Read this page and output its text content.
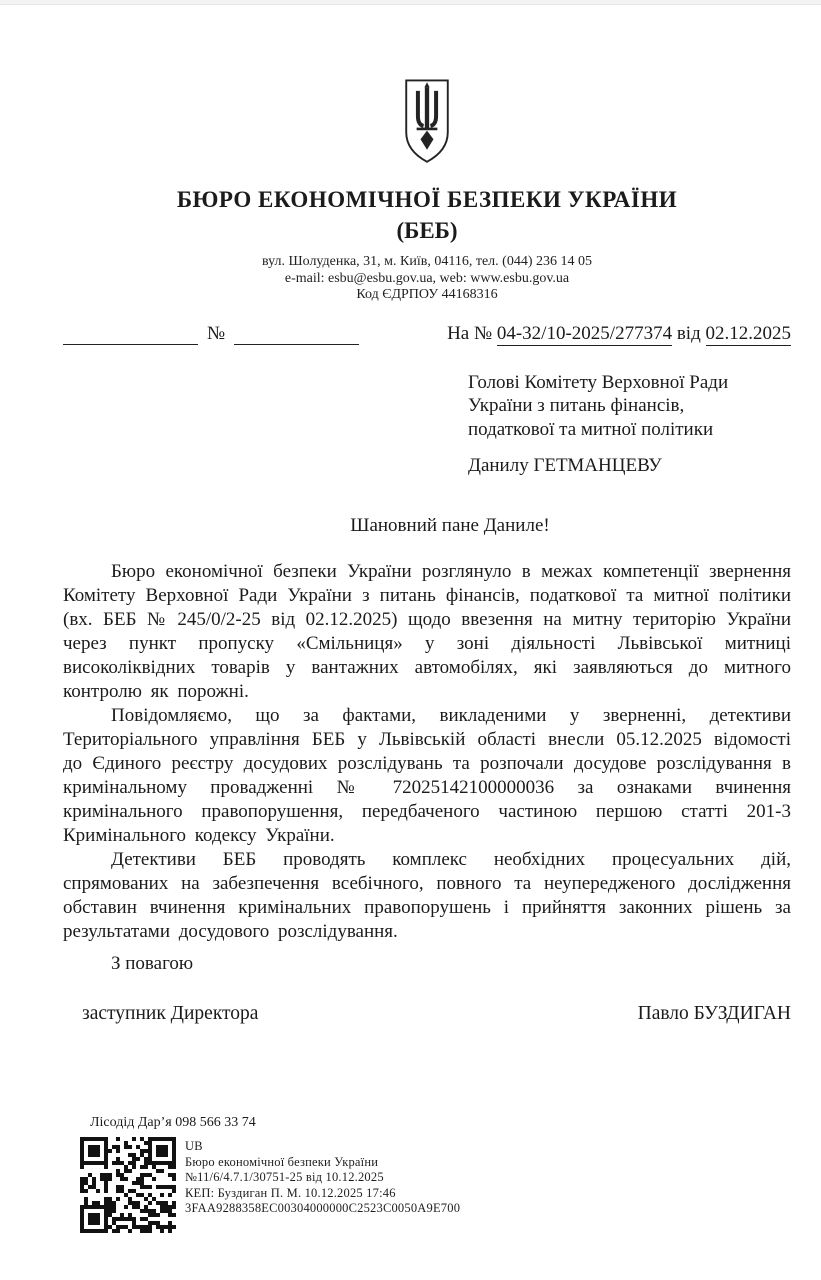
БЮРО ЕКОНОМІЧНОЇ БЕЗПЕКИ УКРАЇНИ
(БЕБ)
вул. Шолуденка, 31, м. Київ, 04116, тел. (044) 236 14 05
e-mail: esbu@esbu.gov.ua, web: www.esbu.gov.ua
Код ЄДРПОУ 44168316
№	На № 04-32/10-2025/277374 від 02.12.2025
Голові Комітету Верховної Ради
України з питань фінансів,
податкової та митної політики
Данилу ГЕТМАНЦЕВУ
Шановний пане Даниле!

Бюро економічної безпеки України розглянуло в межах компетенції звернення Комітету Верховної Ради України з питань фінансів, податкової та митної політики (вх. БЕБ № 245/0/2-25 від 02.12.2025) щодо ввезення на митну територію України через пункт пропуску «Смільниця» у зоні діяльності Львівської митниці високоліквідних товарів у вантажних автомобілях, які заявляються до митного контролю як порожні.

Повідомляємо, що за фактами, викладеними у зверненні, детективи Територіального управління БЕБ у Львівській області внесли 05.12.2025 відомості до Єдиного реєстру досудових розслідувань та розпочали досудове розслідування в кримінальному провадженні № 72025142100000036 за ознаками вчинення кримінального правопорушення, передбаченого частиною першою статті 201-3 Кримінального кодексу України.

Детективи БЕБ проводять комплекс необхідних процесуальних дій, спрямованих на забезпечення всебічного, повного та неупередженого дослідження обставин вчинення кримінальних правопорушень і прийняття законних рішень за результатами досудового розслідування.

З повагою
заступник Директора	Павло БУЗДИГАН
Лісодід Дар’я 098 566 33 74
UB
Бюро економічної безпеки України
№11/6/4.7.1/30751-25 від 10.12.2025
КЕП: Буздиган П. М. 10.12.2025 17:46
3FAA9288358EC00304000000C2523C0050A9E700
